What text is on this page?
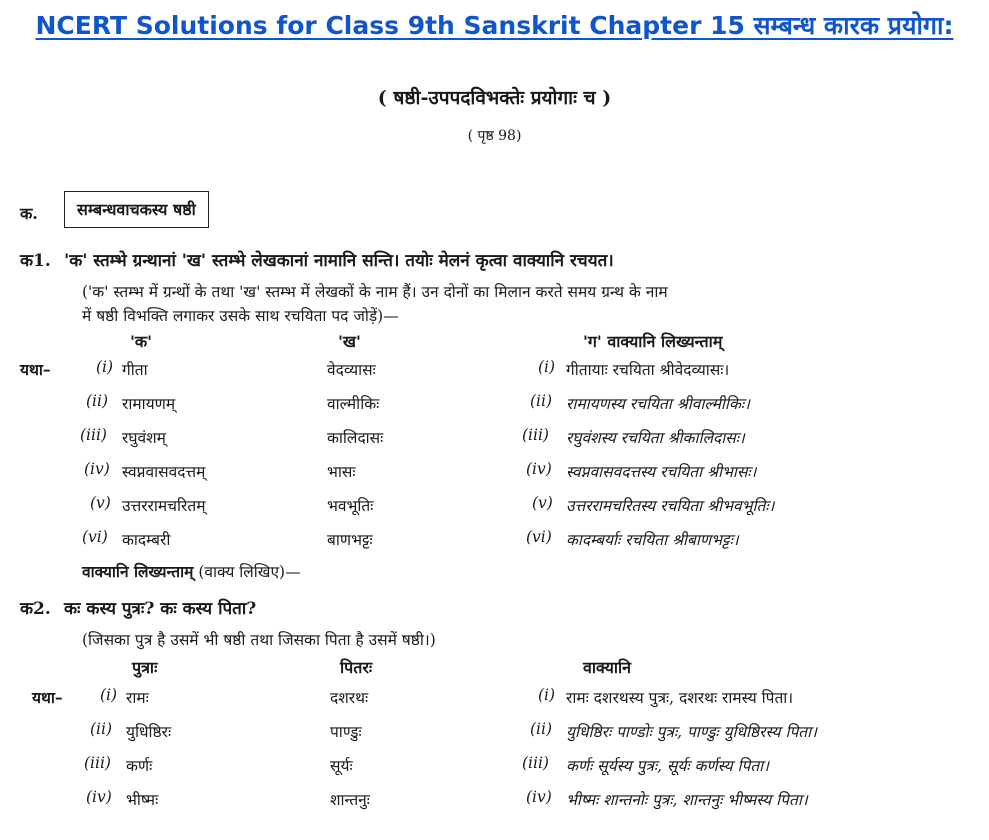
NCERT Solutions for Class 9th Sanskrit Chapter 15 सम्बन्ध कारक प्रयोगा:
( षष्ठी-उपपदविभक्तेः प्रयोगाः च )
( पृष्ठ 98)
क.	सम्बन्धवाचकस्य षष्ठी
क1. 'क' स्तम्भे ग्रन्थानां 'ख' स्तम्भे लेखकानां नामानि सन्ति। तयोः मेलनं कृत्वा वाक्यानि रचयत।
('क' स्तम्भ में ग्रन्थों के तथा 'ख' स्तम्भ में लेखकों के नाम हैं। उन दोनों का मिलान करते समय ग्रन्थ के नाम
में षष्ठी विभक्ति लगाकर उसके साथ रचयिता पद जोड़ें)—
'क'	'ख'	'ग' वाक्यानि लिख्यन्ताम्
यथा–	(i) गीता	वेदव्यासः	(i) गीतायाः रचयिता श्रीवेदव्यासः।
(ii) रामायणम्	वाल्मीकिः	(ii) रामायणस्य रचयिता श्रीवाल्मीकिः।
(iii) रघुवंशम्	कालिदासः	(iii) रघुवंशस्य रचयिता श्रीकालिदासः।
(iv) स्वप्नवासवदत्तम्	भासः	(iv) स्वप्नवासवदत्तस्य रचयिता श्रीभासः।
(v) उत्तररामचरितम्	भवभूतिः	(v) उत्तररामचरितस्य रचयिता श्रीभवभूतिः।
(vi) कादम्बरी	बाणभट्टः	(vi) कादम्बर्याः रचयिता श्रीबाणभट्टः।
वाक्यानि लिख्यन्ताम् (वाक्य लिखिए)—
क2. कः कस्य पुत्रः? कः कस्य पिता?
(जिसका पुत्र है उसमें भी षष्ठी तथा जिसका पिता है उसमें षष्ठी।)
पुत्राः	पितरः	वाक्यानि
यथा– (i) रामः	दशरथः	(i) रामः दशरथस्य पुत्रः, दशरथः रामस्य पिता।
(ii) युधिष्ठिरः	पाण्डुः	(ii) युधिष्ठिरः पाण्डोः पुत्रः, पाण्डुः युधिष्ठिरस्य पिता।
(iii) कर्णः	सूर्यः	(iii) कर्णः सूर्यस्य पुत्रः, सूर्यः कर्णस्य पिता।
(iv) भीष्मः	शान्तनुः	(iv) भीष्मः शान्तनोः पुत्रः, शान्तनुः भीष्मस्य पिता।
